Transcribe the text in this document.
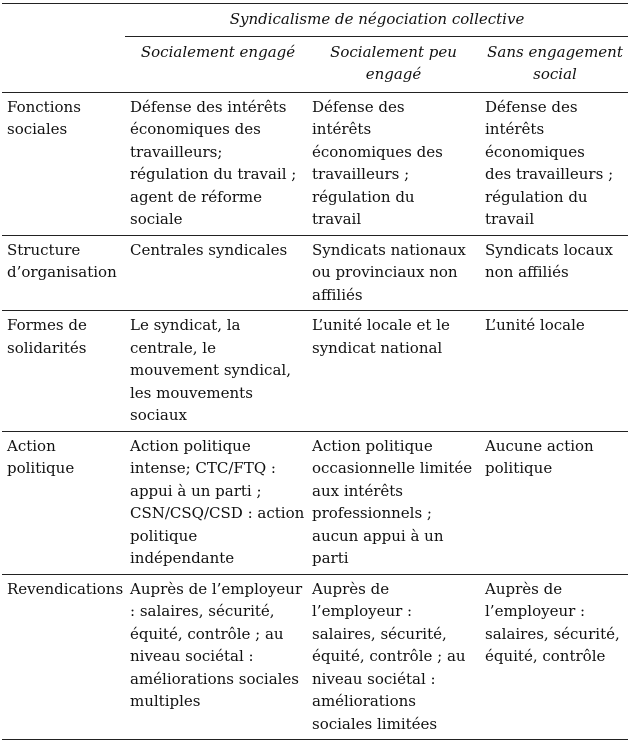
	Syndicalisme de négociation collective		
	Socialement engagé	Socialement peu engagé	Sans engagement social
Fonctions sociales	Défense des intérêts économiques des travailleurs; régulation du travail ; agent de réforme sociale	Défense des intérêts économiques des travailleurs ; régulation du travail	Défense des intérêts économiques des travailleurs ; régulation du travail
Structure d’organisation	Centrales syndicales	Syndicats nationaux ou provinciaux non affiliés	Syndicats locaux non affiliés
Formes de solidarités	Le syndicat, la centrale, le mouvement syndical, les mouvements sociaux	L’unité locale et le syndicat national	L’unité locale
Action politique	Action politique intense; CTC/FTQ : appui à un parti ; CSN/CSQ/CSD : action politique indépendante	Action politique occasionnelle limitée aux intérêts professionnels ; aucun appui à un parti	Aucune action politique
Revendications	Auprès de l’employeur : salaires, sécurité, équité, contrôle ; au niveau sociétal : améliorations sociales multiples	Auprès de l’employeur : salaires, sécurité, équité, contrôle ; au niveau sociétal : améliorations sociales limitées	Auprès de l’employeur : salaires, sécurité, équité, contrôle
